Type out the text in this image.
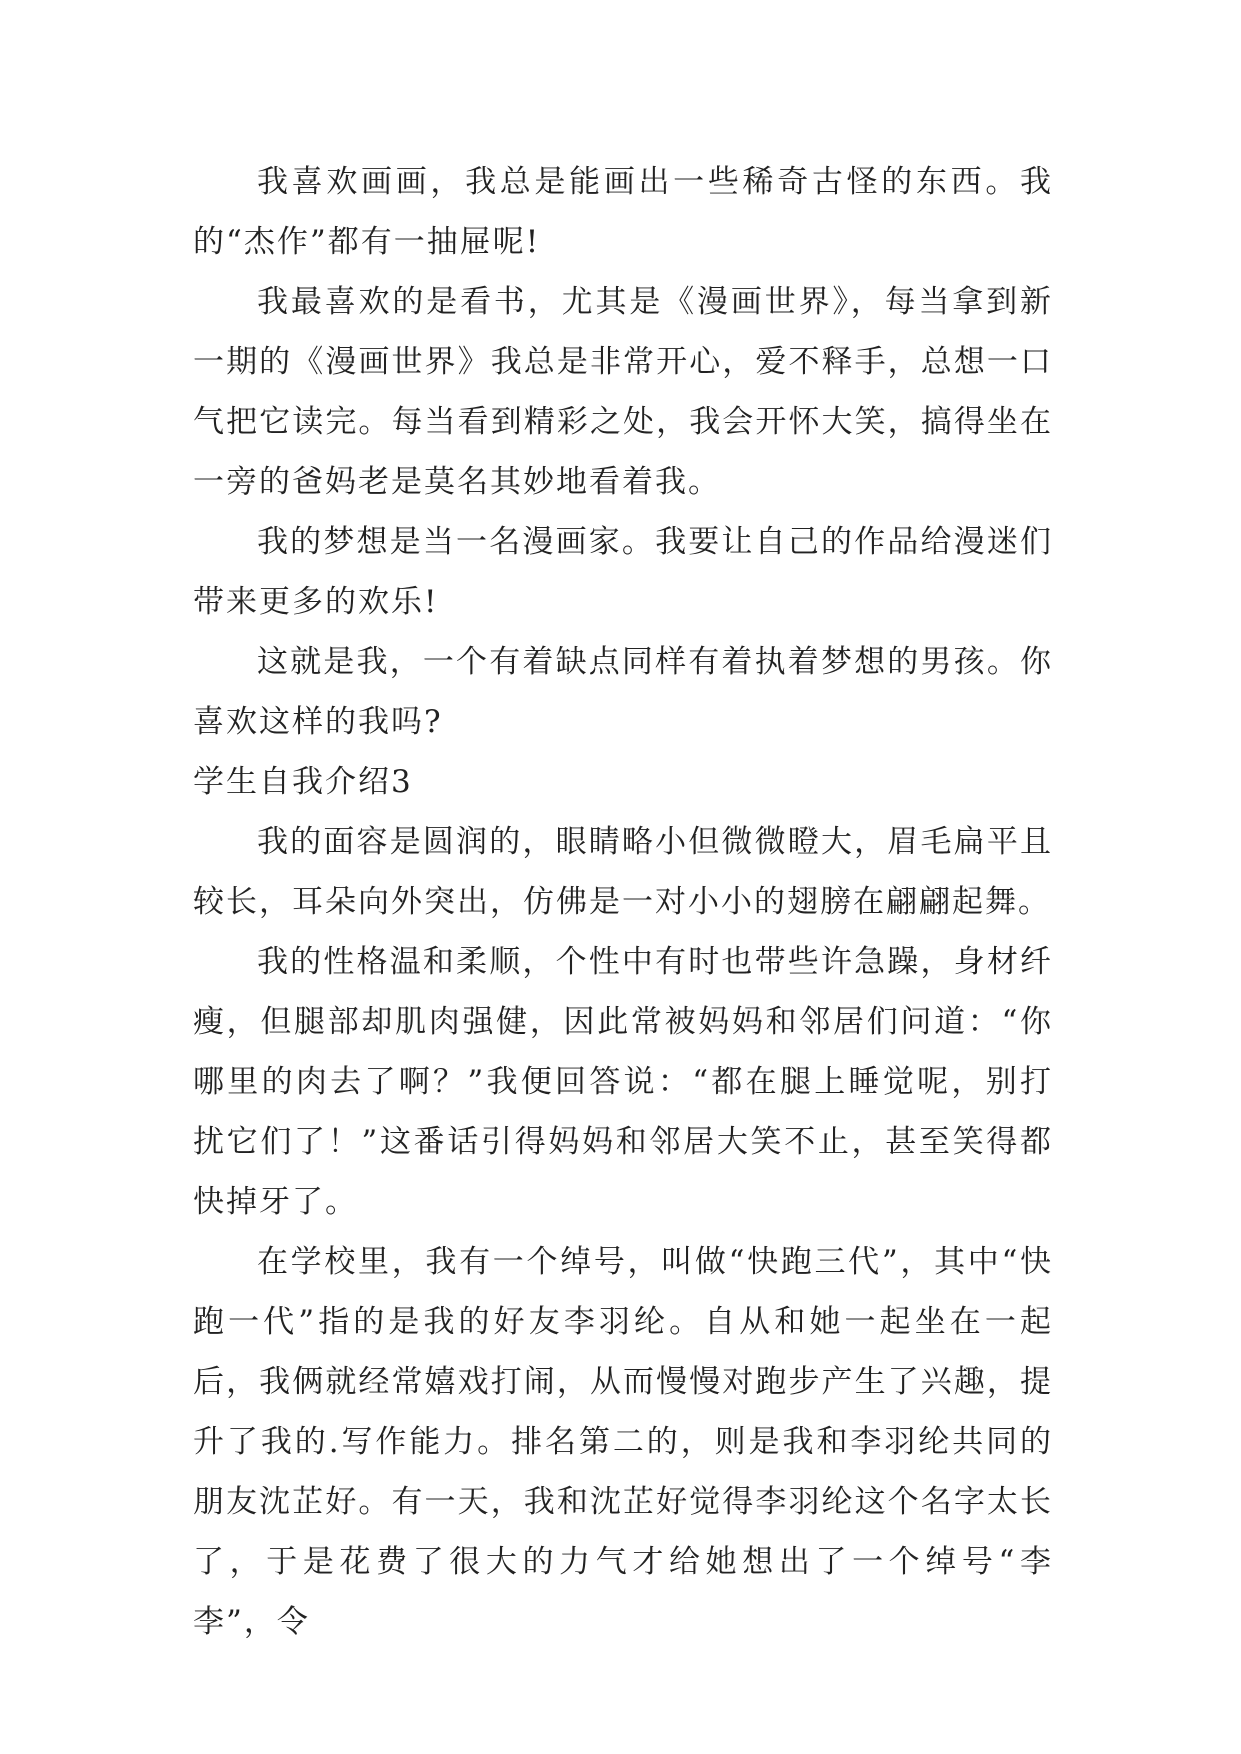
我喜欢画画，我总是能画出一些稀奇古怪的东西。我的“杰作”都有一抽屉呢!

我最喜欢的是看书，尤其是《漫画世界》，每当拿到新一期的《漫画世界》我总是非常开心，爱不释手，总想一口气把它读完。每当看到精彩之处，我会开怀大笑，搞得坐在一旁的爸妈老是莫名其妙地看着我。

我的梦想是当一名漫画家。我要让自己的作品给漫迷们带来更多的欢乐!

这就是我，一个有着缺点同样有着执着梦想的男孩。你喜欢这样的我吗?

学生自我介绍3

我的面容是圆润的，眼睛略小但微微瞪大，眉毛扁平且较长，耳朵向外突出，仿佛是一对小小的翅膀在翩翩起舞。

我的性格温和柔顺，个性中有时也带些许急躁，身材纤瘦，但腿部却肌肉强健，因此常被妈妈和邻居们问道：“你哪里的肉去了啊？”我便回答说：“都在腿上睡觉呢，别打扰它们了！”这番话引得妈妈和邻居大笑不止，甚至笑得都快掉牙了。

在学校里，我有一个绰号，叫做“快跑三代”，其中“快跑一代”指的是我的好友李羽纶。自从和她一起坐在一起后，我俩就经常嬉戏打闹，从而慢慢对跑步产生了兴趣，提升了我的.写作能力。排名第二的，则是我和李羽纶共同的朋友沈芷好。有一天，我和沈芷好觉得李羽纶这个名字太长了，于是花费了很大的力气才给她想出了一个绰号“李李”，令
